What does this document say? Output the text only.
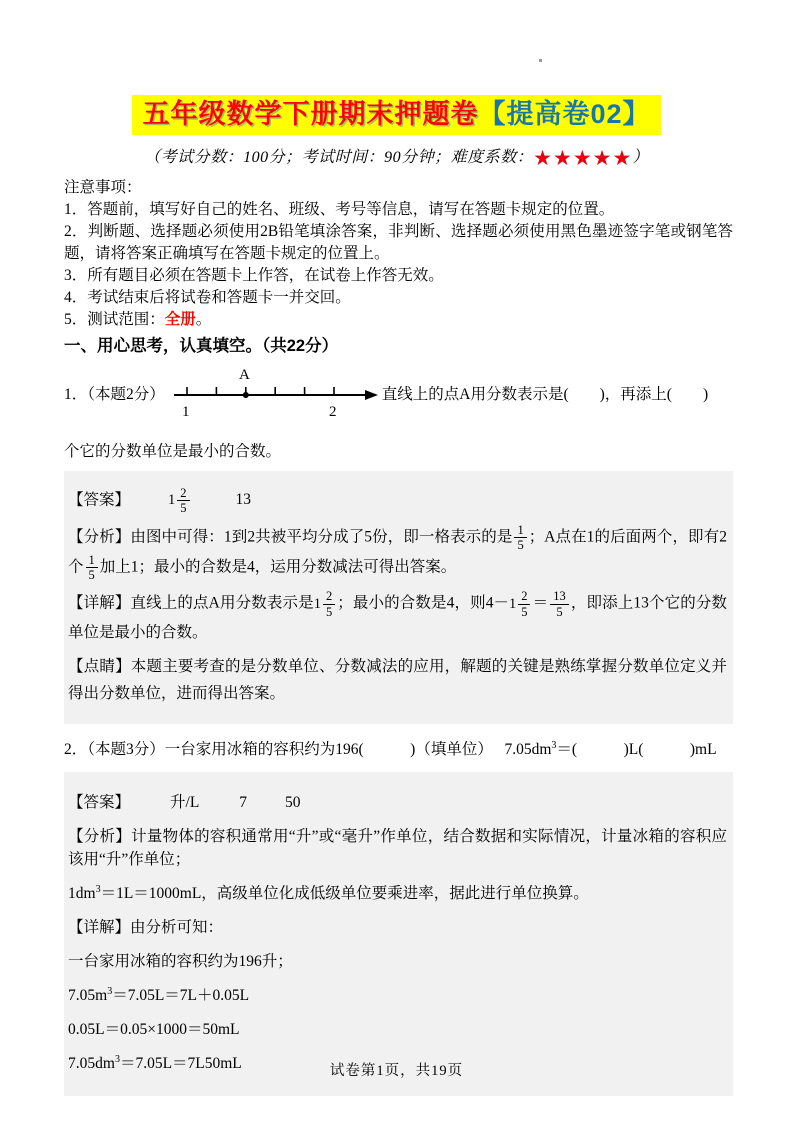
五年级数学下册期末押题卷【提高卷02】

（考试分数：100分；考试时间：90分钟；难度系数：★★★★★）

注意事项：

1．答题前，填写好自己的姓名、班级、考号等信息，请写在答题卡规定的位置。

2．判断题、选择题必须使用2B铅笔填涂答案，非判断、选择题必须使用黑色墨迹签字笔或钢笔答题，请将答案正确填写在答题卡规定的位置上。

3．所有题目必须在答题卡上作答，在试卷上作答无效。

4．考试结束后将试卷和答题卡一并交回。

5．测试范围：全册。

一、用心思考，认真填空。（共22分）
1．（本题2分）
A
1	2
直线上的点A用分数表示是(　　)，再添上(　　)

个它的分数单位是最小的合数。

【答案】	$1 \frac{2}{5}$	13

【分析】由图中可得：1到2共被平均分成了5份，即一格表示的是 $\frac{1}{5}$ ；A点在1的后面两个，即有2个 $\frac{1}{5}$ 加上1；最小的合数是4，运用分数减法可得出答案。

【详解】直线上的点A用分数表示是 $1 \frac{2}{5}$ ；最小的合数是4，则$4- 1 \frac{2}{5} = \frac{13}{5}$ ，即添上13个它的分数单位是最小的合数。

【点睛】本题主要考查的是分数单位、分数减法的应用，解题的关键是熟练掌握分数单位定义并得出分数单位，进而得出答案。

2．（本题3分）一台家用冰箱的容积约为196(　　　)（填单位）　 $7.05dm^3=$(　　　)L(　　　)mL

【答案】	升/L	7 50

【分析】计量物体的容积通常用“升”或“毫升”作单位，结合数据和实际情况，计量冰箱的容积应该用“升”作单位；

$1dm^3=1L=1000mL$，高级单位化成低级单位要乘进率，据此进行单位换算。

【详解】由分析可知：

一台家用冰箱的容积约为196升；

$7.05m^3=7.05L=7L+0.05L$

0.05L＝0.05×1000＝50mL

$7.05dm^3=7.05L=7L50mL$	试卷第1页，共19页
